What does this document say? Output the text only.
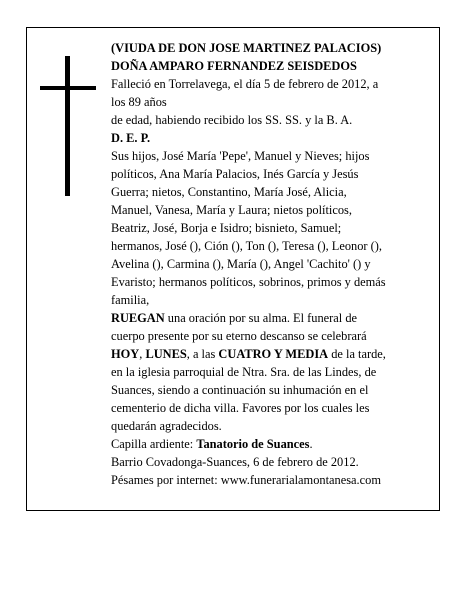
(VIUDA DE DON JOSE MARTINEZ PALACIOS)

DOÑA AMPARO FERNANDEZ SEISDEDOS

Falleció en Torrelavega, el día 5 de febrero de 2012, a

los 89 años

de edad, habiendo recibido los SS. SS. y la B. A.

D. E. P.

Sus hijos, José María 'Pepe', Manuel y Nieves; hijos

políticos, Ana María Palacios, Inés García y Jesús

Guerra; nietos, Constantino, María José, Alicia,

Manuel, Vanesa, María y Laura; nietos políticos,

Beatriz, José, Borja e Isidro; bisnieto, Samuel;

hermanos, José (), Ción (), Ton (), Teresa (), Leonor (),

Avelina (), Carmina (), María (), Angel 'Cachito' () y

Evaristo; hermanos políticos, sobrinos, primos y demás

familia,

RUEGAN una oración por su alma. El funeral de

cuerpo presente por su eterno descanso se celebrará

HOY, LUNES, a las CUATRO Y MEDIA de la tarde,

en la iglesia parroquial de Ntra. Sra. de las Lindes, de

Suances, siendo a continuación su inhumación en el

cementerio de dicha villa. Favores por los cuales les

quedarán agradecidos.

Capilla ardiente: Tanatorio de Suances.

Barrio Covadonga-Suances, 6 de febrero de 2012.

Pésames por internet: www.funerarialamontanesa.com
